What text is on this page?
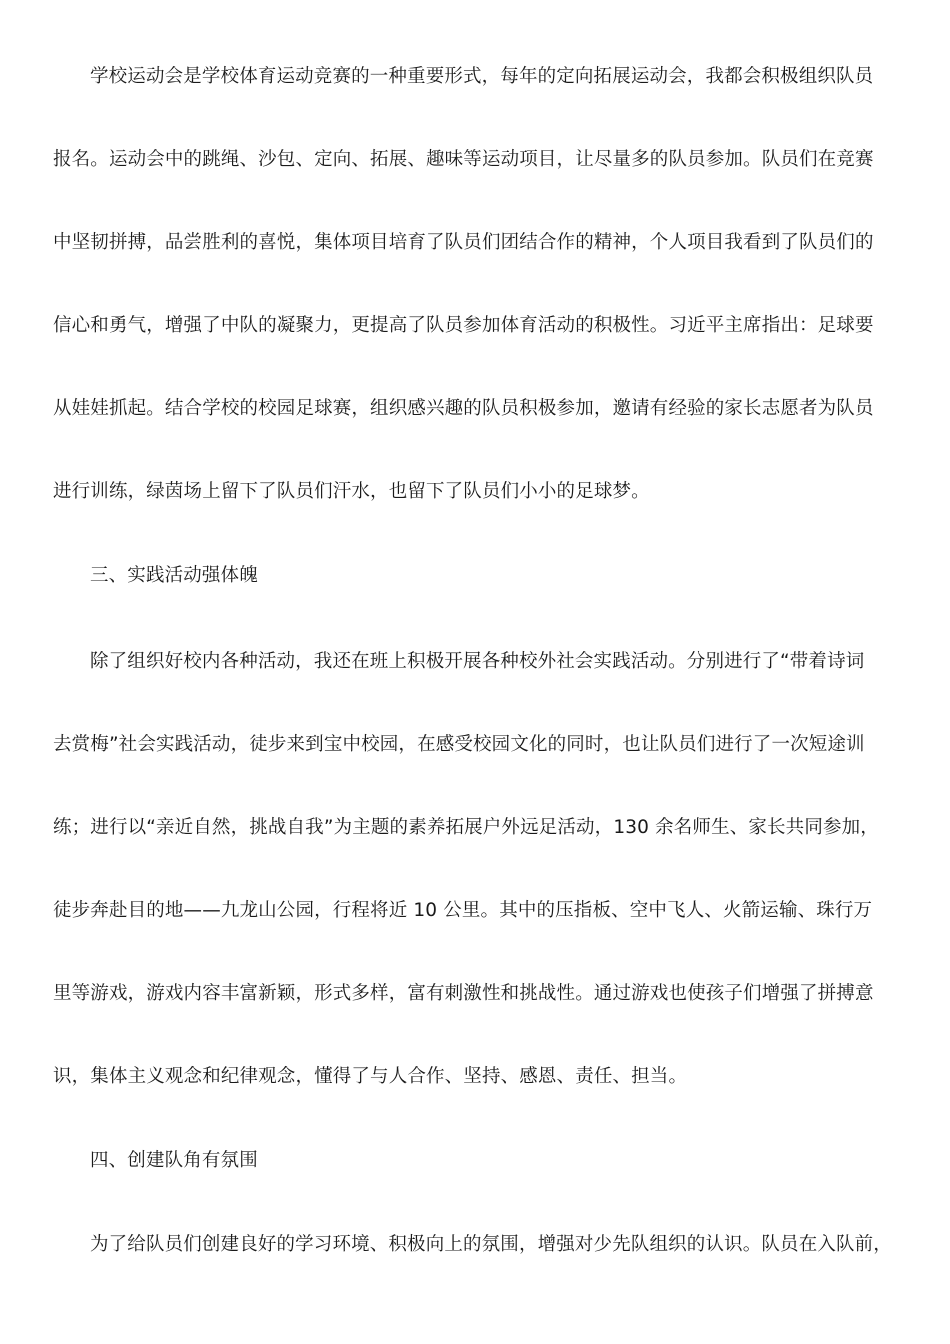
学校运动会是学校体育运动竞赛的一种重要形式，每年的定向拓展运动会，我都会积极组织队员
报名。运动会中的跳绳、沙包、定向、拓展、趣味等运动项目，让尽量多的队员参加。队员们在竞赛
中坚韧拼搏，品尝胜利的喜悦，集体项目培育了队员们团结合作的精神，个人项目我看到了队员们的
信心和勇气，增强了中队的凝聚力，更提高了队员参加体育活动的积极性。习近平主席指出：足球要
从娃娃抓起。结合学校的校园足球赛，组织感兴趣的队员积极参加，邀请有经验的家长志愿者为队员
进行训练，绿茵场上留下了队员们汗水，也留下了队员们小小的足球梦。
三、实践活动强体魄
除了组织好校内各种活动，我还在班上积极开展各种校外社会实践活动。分别进行了“带着诗词
去赏梅”社会实践活动，徒步来到宝中校园，在感受校园文化的同时，也让队员们进行了一次短途训
练；进行以“亲近自然，挑战自我”为主题的素养拓展户外远足活动，130 余名师生、家长共同参加，
徒步奔赴目的地——九龙山公园，行程将近 10 公里。其中的压指板、空中飞人、火箭运输、珠行万
里等游戏，游戏内容丰富新颖，形式多样，富有刺激性和挑战性。通过游戏也使孩子们增强了拼搏意
识，集体主义观念和纪律观念，懂得了与人合作、坚持、感恩、责任、担当。
四、创建队角有氛围
为了给队员们创建良好的学习环境、积极向上的氛围，增强对少先队组织的认识。队员在入队前，
